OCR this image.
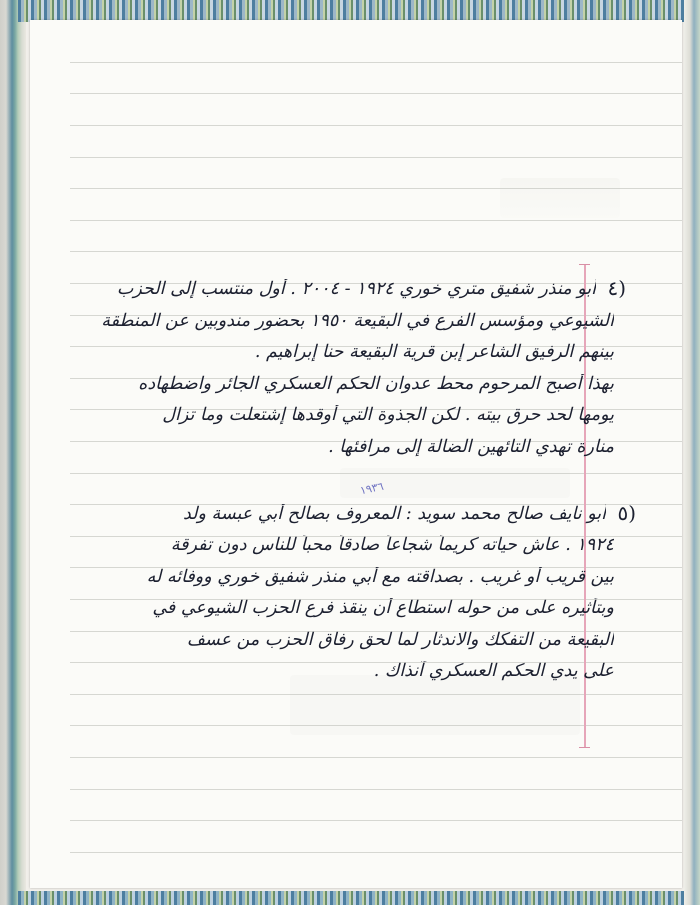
٤)
أبو منذر شفيق متري خوري ١٩٢٤ - ٢٠٠٤ . أول منتسب إلى الحزب
الشيوعي ومؤسس الفرع في البقيعة ١٩٥٠ بحضور مندوبين عن المنطقة
بينهم الرفيق الشاعر إبن قرية البقيعة حنا إبراهيم .
بهذا أصبح المرحوم محط عدوان الحكم العسكري الجائر واضطهاده
يومها لحد حرق بيته . لكن الجذوة التي أوقدها إشتعلت وما تزال
منارة تهدي التائهين الضالة إلى مرافئها .
١٩٣٦
٥)
أبو نايف صالح محمد سويد : المعروف بصالح أبي عبسة ولد
١٩٢٤ . عاش حياته كريماً شجاعاً صادقاً محباً للناس دون تفرقة
بين قريب أو غريب . بصداقته مع أبي منذر شفيق خوري ووفائه له
وبتأثيره على من حوله استطاع أن ينقذ فرع الحزب الشيوعي في
البقيعة من التفكك والاندثار لما لحق رفاق الحزب من عسف
على يدي الحكم العسكري آنذاك .
